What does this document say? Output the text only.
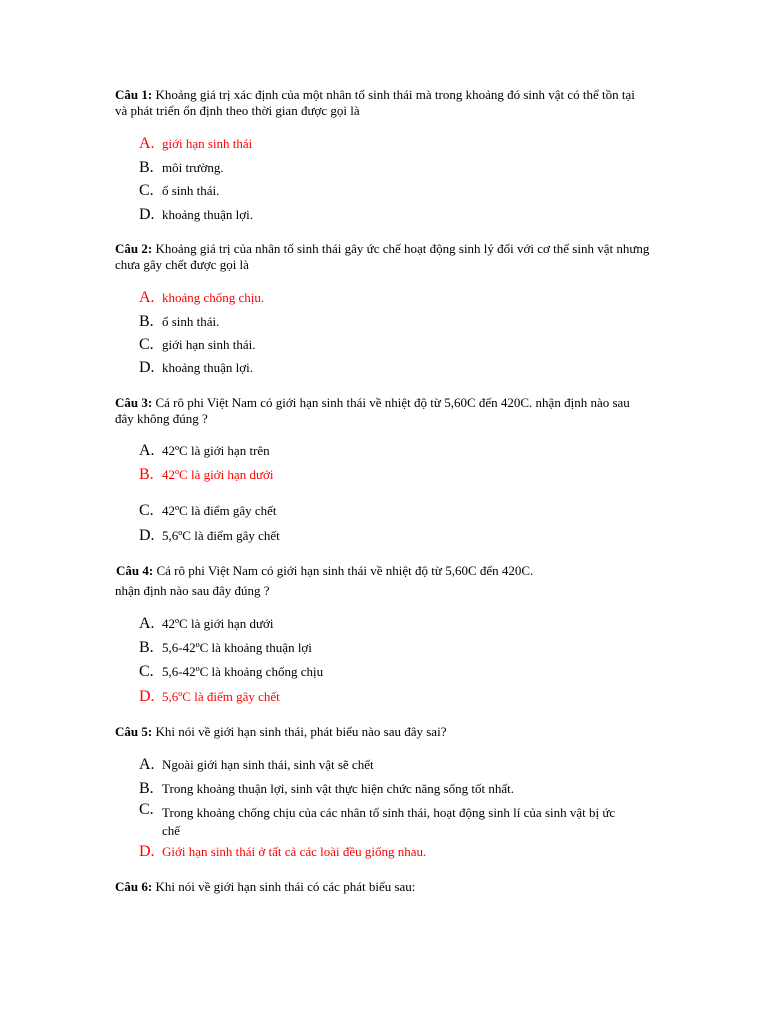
Câu 1: Khoảng giá trị xác định của một nhân tố sinh thái mà trong khoảng đó sinh vật có thể tồn tại và phát triển ổn định theo thời gian được gọi là
A. giới hạn sinh thái
B. môi trường.
C. ổ sinh thái.
D. khoảng thuận lợi.
Câu 2: Khoảng giá trị của nhân tố sinh thái gây ức chế hoạt động sinh lý đối với cơ thể sinh vật nhưng chưa gây chết được gọi là
A. khoảng chống chịu.
B. ổ sinh thái.
C. giới hạn sinh thái.
D. khoảng thuận lợi.
Câu 3: Cá rô phi Việt Nam có giới hạn sinh thái về nhiệt độ từ 5,60C đến 420C. nhận định nào sau đây không đúng ?
A. 42ºC là giới hạn trên
B. 42ºC là giới hạn dưới
C. 42ºC là điểm gây chết
D. 5,6ºC là điểm gây chết
Câu 4: Cá rô phi Việt Nam có giới hạn sinh thái về nhiệt độ từ 5,60C đến 420C.
nhận định nào sau đây đúng ?
A. 42ºC là giới hạn dưới
B. 5,6-42ºC là khoảng thuận lợi
C. 5,6-42ºC là khoảng chống chịu
D. 5,6ºC là điểm gây chết
Câu 5: Khi nói về giới hạn sinh thái, phát biểu nào sau đây sai?
A. Ngoài giới hạn sinh thái, sinh vật sẽ chết
B. Trong khoảng thuận lợi, sinh vật thực hiện chức năng sống tốt nhất.
C. Trong khoảng chống chịu của các nhân tố sinh thái, hoạt động sinh lí của sinh vật bị ức chế
D. Giới hạn sinh thái ở tất cả các loài đều giống nhau.
Câu 6: Khi nói về giới hạn sinh thái có các phát biểu sau:
